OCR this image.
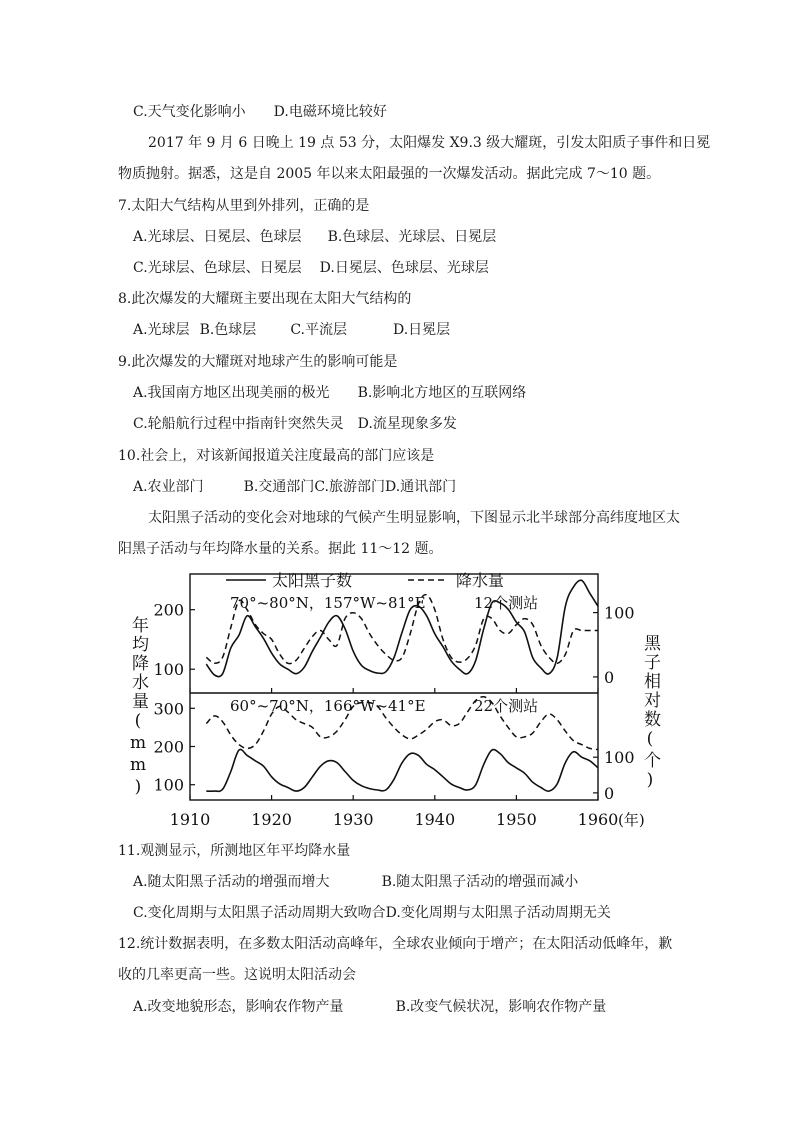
C.天气变化影响小 D.电磁环境比较好
2017 年 9 月 6 日晚上 19 点 53 分，太阳爆发 X9.3 级大耀斑，引发太阳质子事件和日冕
物质抛射。据悉，这是自 2005 年以来太阳最强的一次爆发活动。据此完成 7～10 题。
7.太阳大气结构从里到外排列，正确的是
A.光球层、日冕层、色球层 B.色球层、光球层、日冕层
C.光球层、色球层、日冕层 D.日冕层、色球层、光球层
8.此次爆发的大耀斑主要出现在太阳大气结构的
A.光球层 B.色球层 C.平流层	D.日冕层
9.此次爆发的大耀斑对地球产生的影响可能是
A.我国南方地区出现美丽的极光 B.影响北方地区的互联网络
C.轮船航行过程中指南针突然失灵 D.流星现象多发
10.社会上，对该新闻报道关注度最高的部门应该是
A.农业部门	B.交通部门C.旅游部门D.通讯部门
太阳黑子活动的变化会对地球的气候产生明显影响，下图显示北半球部分高纬度地区太
阳黑子活动与年均降水量的关系。据此 11～12 题。
太阳黑子数	降水量
70°~80°N，157°W~81°E	12个测站
60°~70°N，166°W~41°E	22个测站
年均降水量(mm)	黑子相对数(个)
(年)
100
200
0
100
100
200
300
0
100
1910	1920	1930	1940	1950	1960
11.观测显示，所测地区年平均降水量
A.随太阳黑子活动的增强而增大	B.随太阳黑子活动的增强而减小
C.变化周期与太阳黑子活动周期大致吻合D.变化周期与太阳黑子活动周期无关
12.统计数据表明，在多数太阳活动高峰年，全球农业倾向于增产；在太阳活动低峰年，歉
收的几率更高一些。这说明太阳活动会
A.改变地貌形态，影响农作物产量	B.改变气候状况，影响农作物产量
